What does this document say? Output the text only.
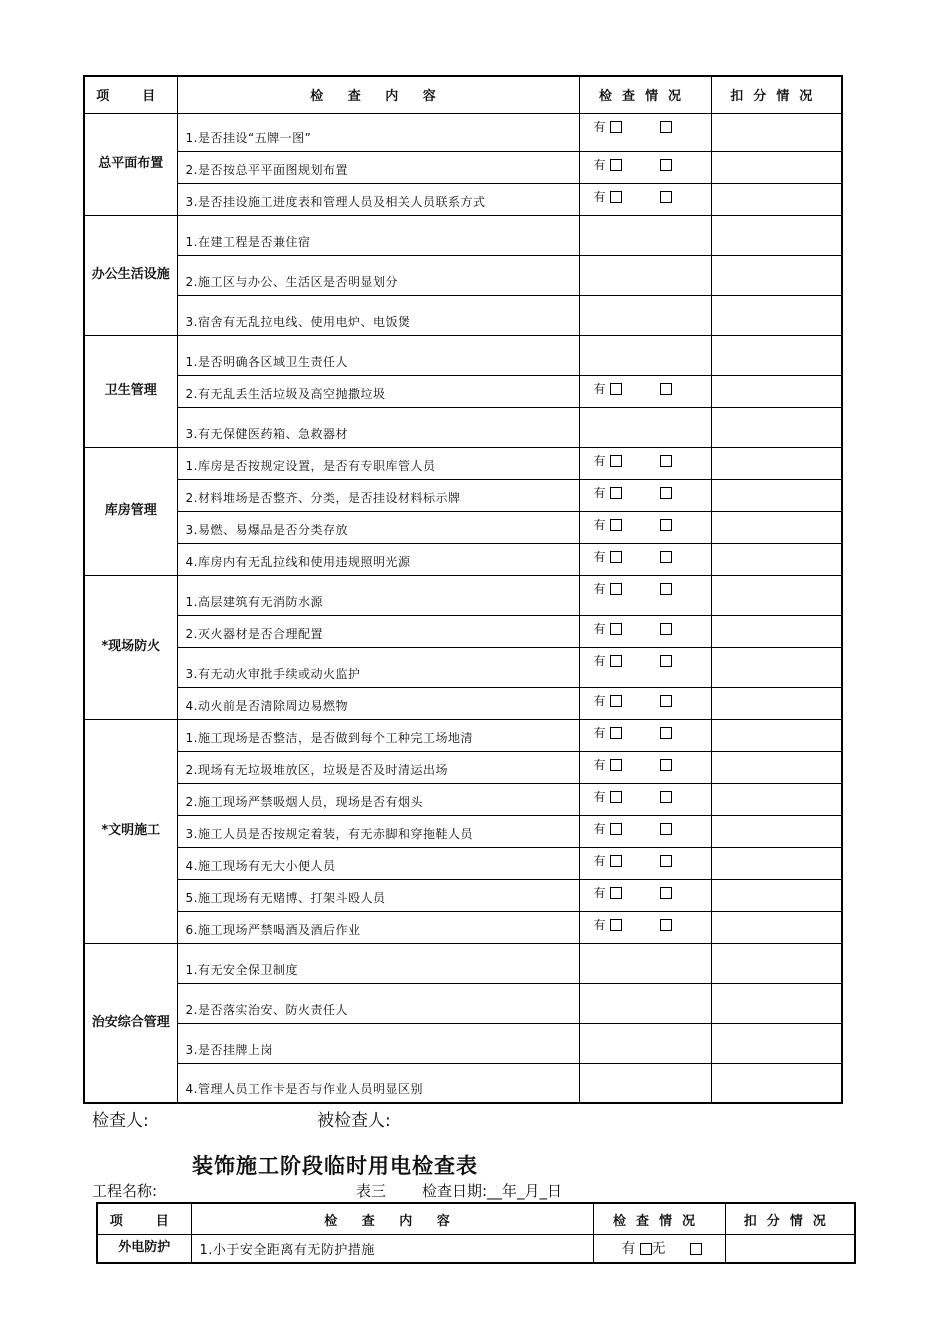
项　目	检 查 内 容	检查情况	扣分情况
总平面布置	1.是否挂设“五牌一图”	有	
	2.是否按总平平面图规划布置	有	
	3.是否挂设施工进度表和管理人员及相关人员联系方式	有	
办公生活设施	1.在建工程是否兼住宿		
	2.施工区与办公、生活区是否明显划分		
	3.宿舍有无乱拉电线、使用电炉、电饭煲		
卫生管理	1.是否明确各区域卫生责任人		
	2.有无乱丢生活垃圾及高空抛撒垃圾	有	
	3.有无保健医药箱、急救器材		
库房管理	1.库房是否按规定设置，是否有专职库管人员	有	
	2.材料堆场是否整齐、分类，是否挂设材料标示牌	有	
	3.易燃、易爆品是否分类存放	有	
	4.库房内有无乱拉线和使用违规照明光源	有	
*现场防火	1.高层建筑有无消防水源	有	
	2.灭火器材是否合理配置	有	
	3.有无动火审批手续或动火监护	有	
	4.动火前是否清除周边易燃物	有	
*文明施工	1.施工现场是否整洁，是否做到每个工种完工场地清	有	
	2.现场有无垃圾堆放区，垃圾是否及时清运出场	有	
	2.施工现场严禁吸烟人员，现场是否有烟头	有	
	3.施工人员是否按规定着装，有无赤脚和穿拖鞋人员	有	
	4.施工现场有无大小便人员	有	
	5.施工现场有无赌博、打架斗殴人员	有	
	6.施工现场严禁喝酒及酒后作业	有	
治安综合管理	1.有无安全保卫制度		
	2.是否落实治安、防火责任人		
	3.是否挂牌上岗		
	4.管理人员工作卡是否与作业人员明显区别		
检查人:	被检查人:
装饰施工阶段临时用电检查表
工程名称:	表三 检查日期:__年_月_日
项　目	检 查 内 容	检查情况	扣分情况
外电防护	1.小于安全距离有无防护措施	有 无	
